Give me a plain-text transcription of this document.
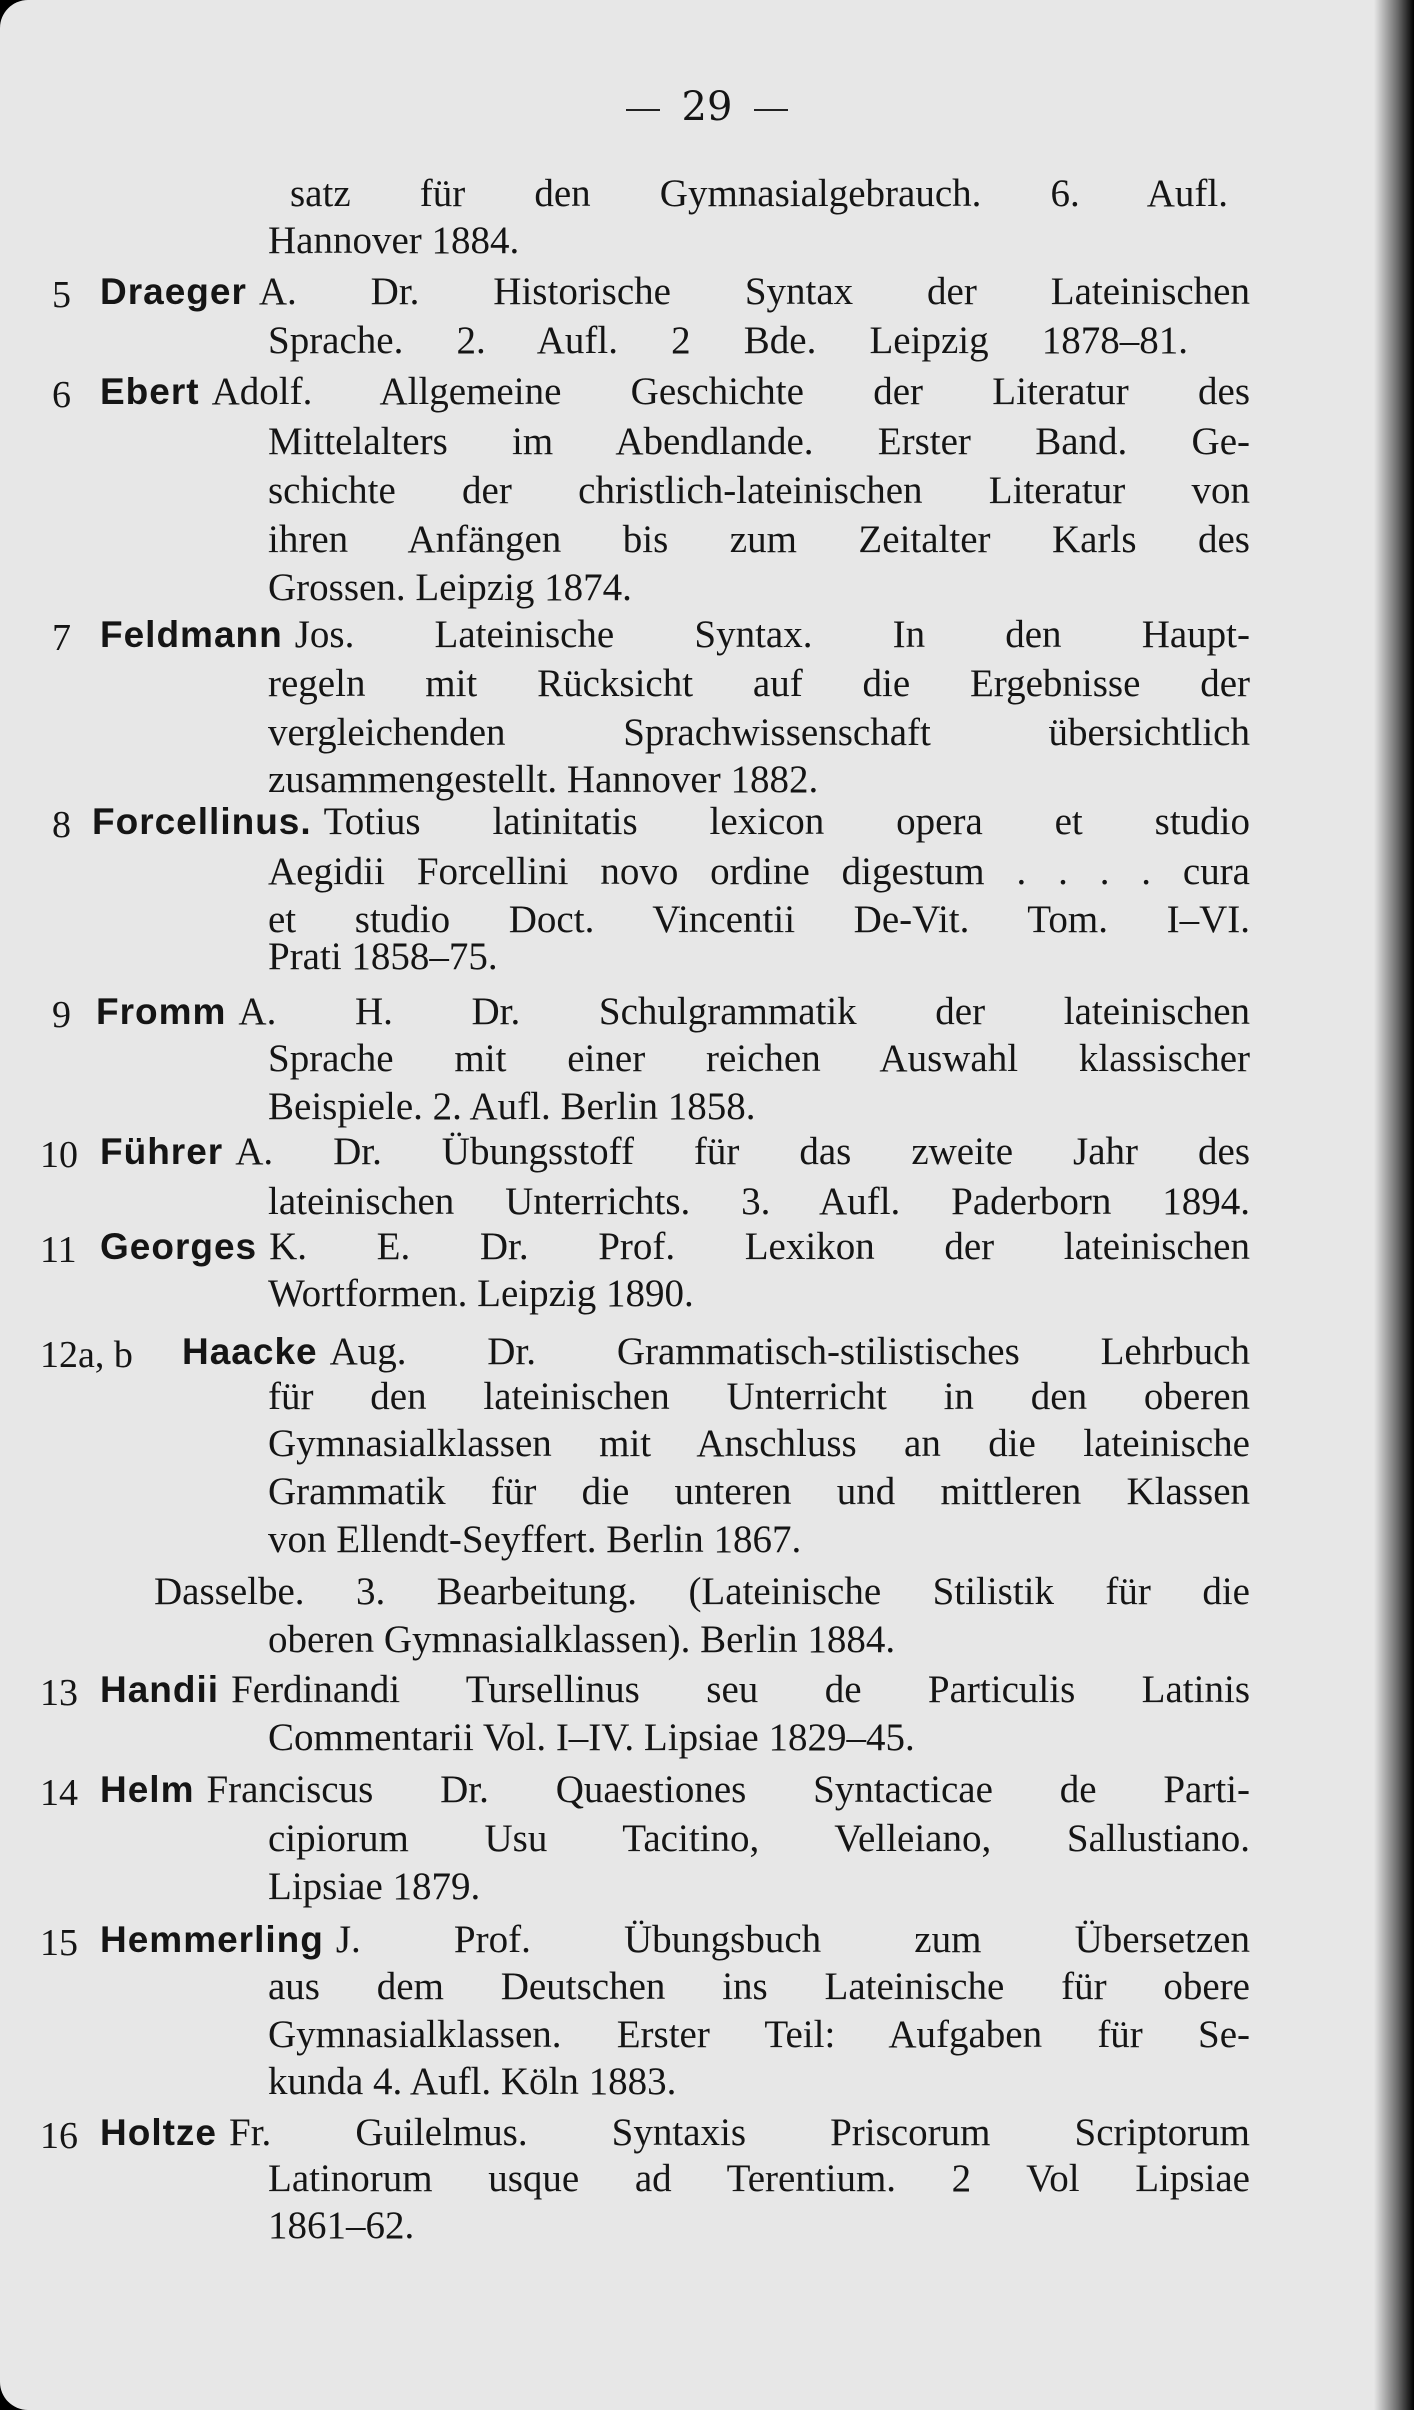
29
satz für den Gymnasialgebrauch. 6. Aufl.
Hannover 1884.
5 Draeger A. Dr. Historische Syntax der Lateinischen
Sprache. 2. Aufl. 2 Bde. Leipzig 1878–81.
6 Ebert Adolf. Allgemeine Geschichte der Literatur des
Mittelalters im Abendlande. Erster Band. Ge-
schichte der christlich-lateinischen Literatur von
ihren Anfängen bis zum Zeitalter Karls des
Grossen. Leipzig 1874.
7 Feldmann Jos. Lateinische Syntax. In den Haupt-
regeln mit Rücksicht auf die Ergebnisse der
vergleichenden Sprachwissenschaft übersichtlich
zusammengestellt. Hannover 1882.
8 Forcellinus. Totius latinitatis lexicon opera et studio
Aegidii Forcellini novo ordine digestum . . . . cura
et studio Doct. Vincentii De-Vit. Tom. I–VI.
Prati 1858–75.
9 Fromm A. H. Dr. Schulgrammatik der lateinischen
Sprache mit einer reichen Auswahl klassischer
Beispiele. 2. Aufl. Berlin 1858.
10 Führer A. Dr. Übungsstoff für das zweite Jahr des
lateinischen Unterrichts. 3. Aufl. Paderborn 1894.
11 Georges K. E. Dr. Prof. Lexikon der lateinischen
Wortformen. Leipzig 1890.
12a, b Haacke Aug. Dr. Grammatisch-stilistisches Lehrbuch
für den lateinischen Unterricht in den oberen
Gymnasialklassen mit Anschluss an die lateinische
Grammatik für die unteren und mittleren Klassen
von Ellendt-Seyffert. Berlin 1867.
Dasselbe. 3. Bearbeitung. (Lateinische Stilistik für die
oberen Gymnasialklassen). Berlin 1884.
13 Handii Ferdinandi Tursellinus seu de Particulis Latinis
Commentarii Vol. I–IV. Lipsiae 1829–45.
14 Helm Franciscus Dr. Quaestiones Syntacticae de Parti-
cipiorum Usu Tacitino, Velleiano, Sallustiano.
Lipsiae 1879.
15 Hemmerling J. Prof. Übungsbuch zum Übersetzen
aus dem Deutschen ins Lateinische für obere
Gymnasialklassen. Erster Teil: Aufgaben für Se-
kunda 4. Aufl. Köln 1883.
16 Holtze Fr. Guilelmus. Syntaxis Priscorum Scriptorum
Latinorum usque ad Terentium. 2 Vol Lipsiae
1861–62.
